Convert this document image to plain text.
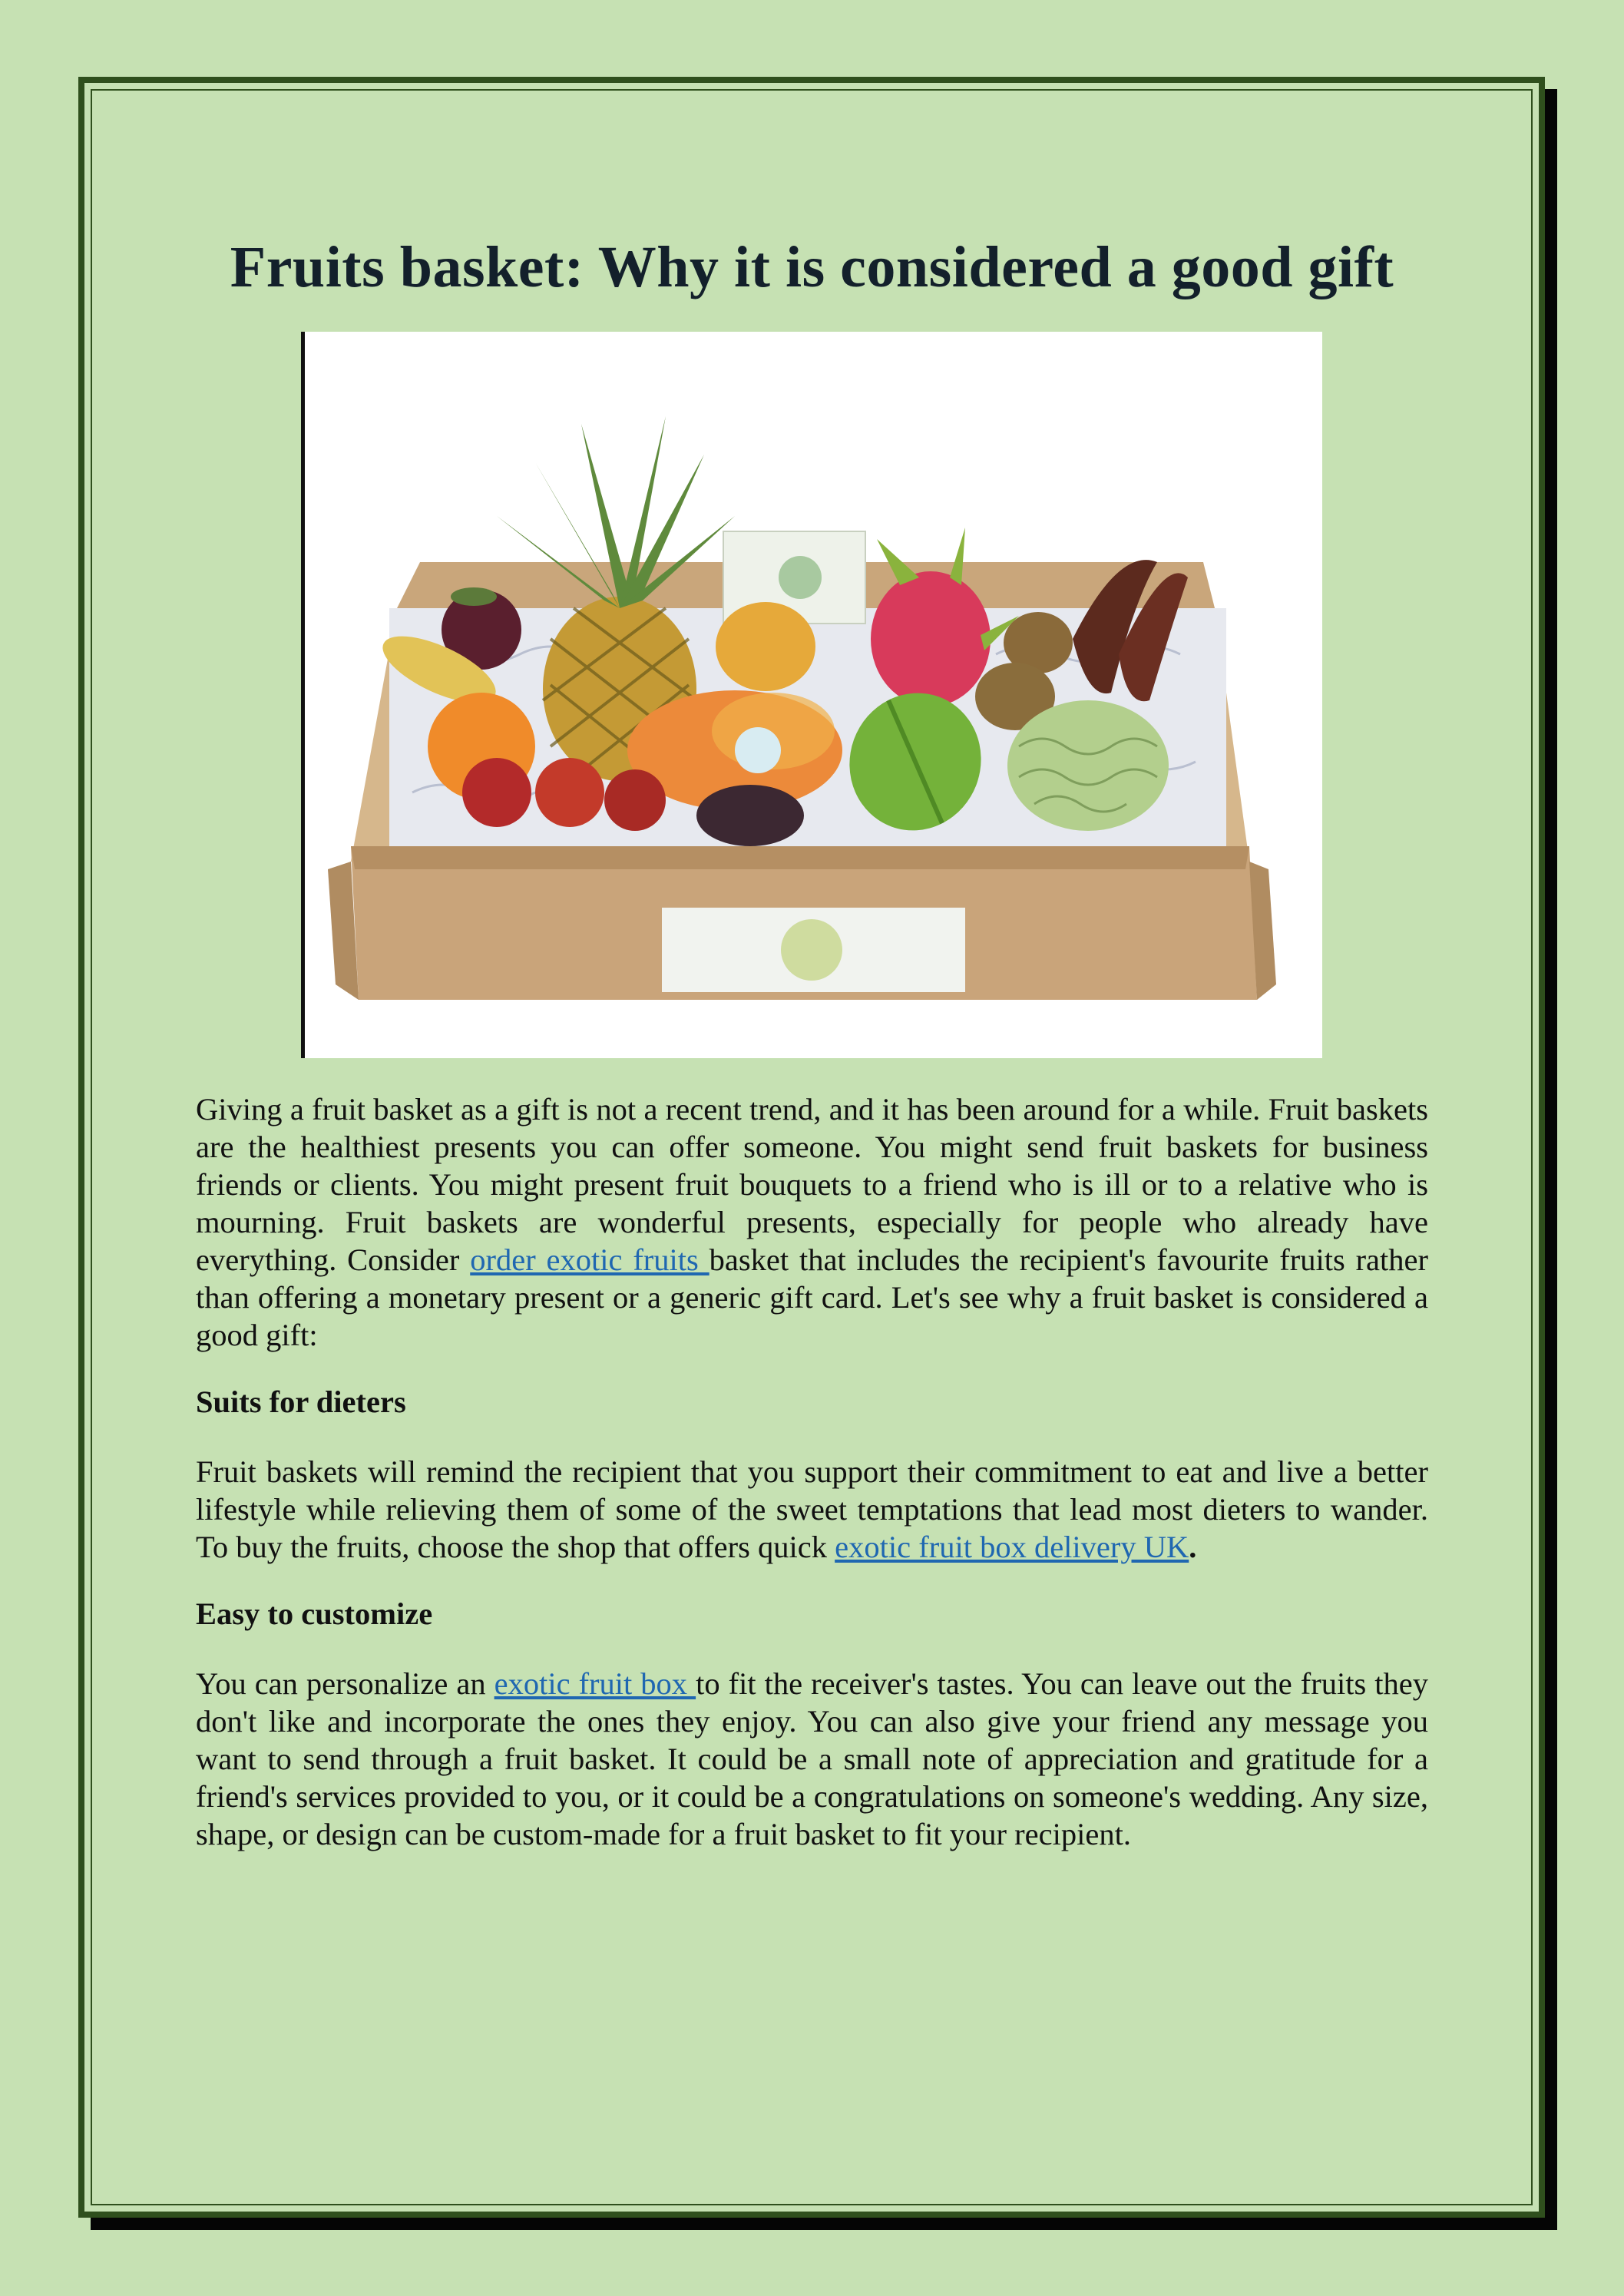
Fruits basket: Why it is considered a good gift

Giving a fruit basket as a gift is not a recent trend, and it has been around for a while. Fruit baskets are the healthiest presents you can offer someone. You might send fruit baskets for business friends or clients. You might present fruit bouquets to a friend who is ill or to a relative who is mourning. Fruit baskets are wonderful presents, especially for people who already have everything. Consider order exotic fruits basket that includes the recipient's favourite fruits rather than offering a monetary present or a generic gift card. Let's see why a fruit basket is considered a good gift:

Suits for dieters

Fruit baskets will remind the recipient that you support their commitment to eat and live a better lifestyle while relieving them of some of the sweet temptations that lead most dieters to wander. To buy the fruits, choose the shop that offers quick exotic fruit box delivery UK.

Easy to customize

You can personalize an exotic fruit box to fit the receiver's tastes. You can leave out the fruits they don't like and incorporate the ones they enjoy. You can also give your friend any message you want to send through a fruit basket. It could be a small note of appreciation and gratitude for a friend's services provided to you, or it could be a congratulations on someone's wedding. Any size, shape, or design can be custom-made for a fruit basket to fit your recipient.
